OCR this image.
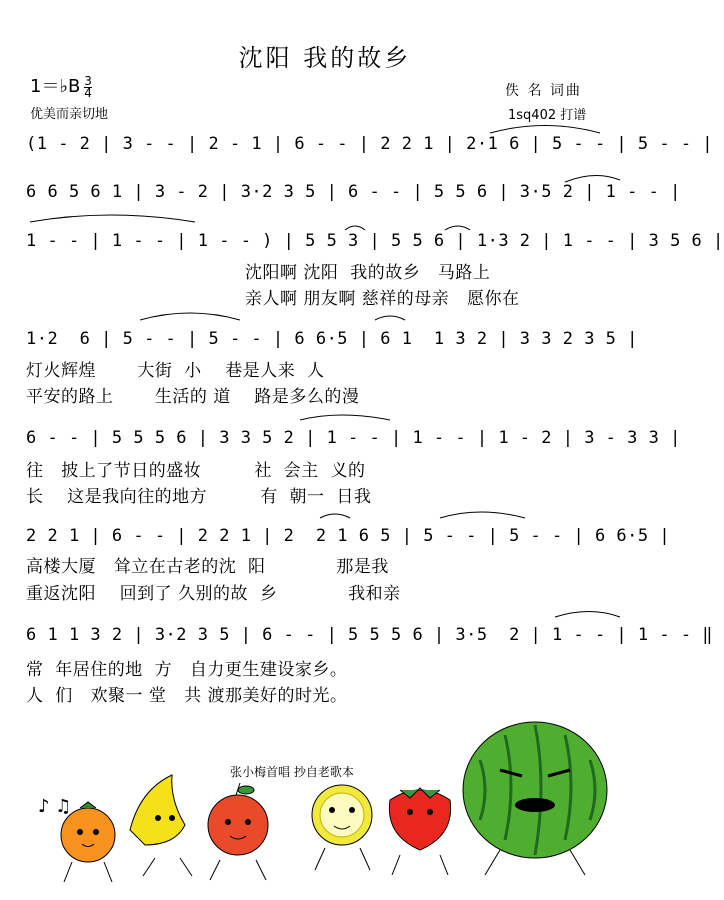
沈阳 我的故乡
1＝♭B $\frac{3}{4}$
优美而亲切地
佚 名 词曲
1sq402 打谱
(1 - 2 | 3 - - | 2 - 1 | 6 - - | 2 2 1 | 2·1 6 | 5 - - | 5 - - |
6 6 5 6 1 | 3 - 2 | 3·2 3 5 | 6 - - | 5 5 6 | 3·5 2 | 1 - - |
1 - - | 1 - - | 1 - - ) | 5 5 3 | 5 5 6 | 1·3 2 | 1 - - | 3 5 6 |
沈阳啊 沈阳  我的故乡   马路上
亲人啊 朋友啊 慈祥的母亲   愿你在
1·2  6 | 5 - - | 5 - - | 6 6·5 | 6 1  1 3 2 | 3 3 2 3 5 |
灯火辉煌       大街  小    巷是人来  人
平安的路上       生活的 道    路是多么的漫
6 - - | 5 5 5 6 | 3 3 5 2 | 1 - - | 1 - - | 1 - 2 | 3 - 3 3 |
往   披上了节日的盛妆         社  会主  义的
长    这是我向往的地方         有  朝一  日我
2 2 1 | 6 - - | 2 2 1 | 2  2 1 6 5 | 5 - - | 5 - - | 6 6·5 |
高楼大厦   耸立在古老的沈  阳            那是我
重返沈阳    回到了 久别的故  乡            我和亲
6 1 1 3 2 | 3·2 3 5 | 6 - - | 5 5 5 6 | 3·5  2 | 1 - - | 1 - - ‖
常  年居住的地  方   自力更生建设家乡。
人  们   欢聚一 堂   共 渡那美好的时光。
张小梅首唱 抄自老歌本
♪ ♫
